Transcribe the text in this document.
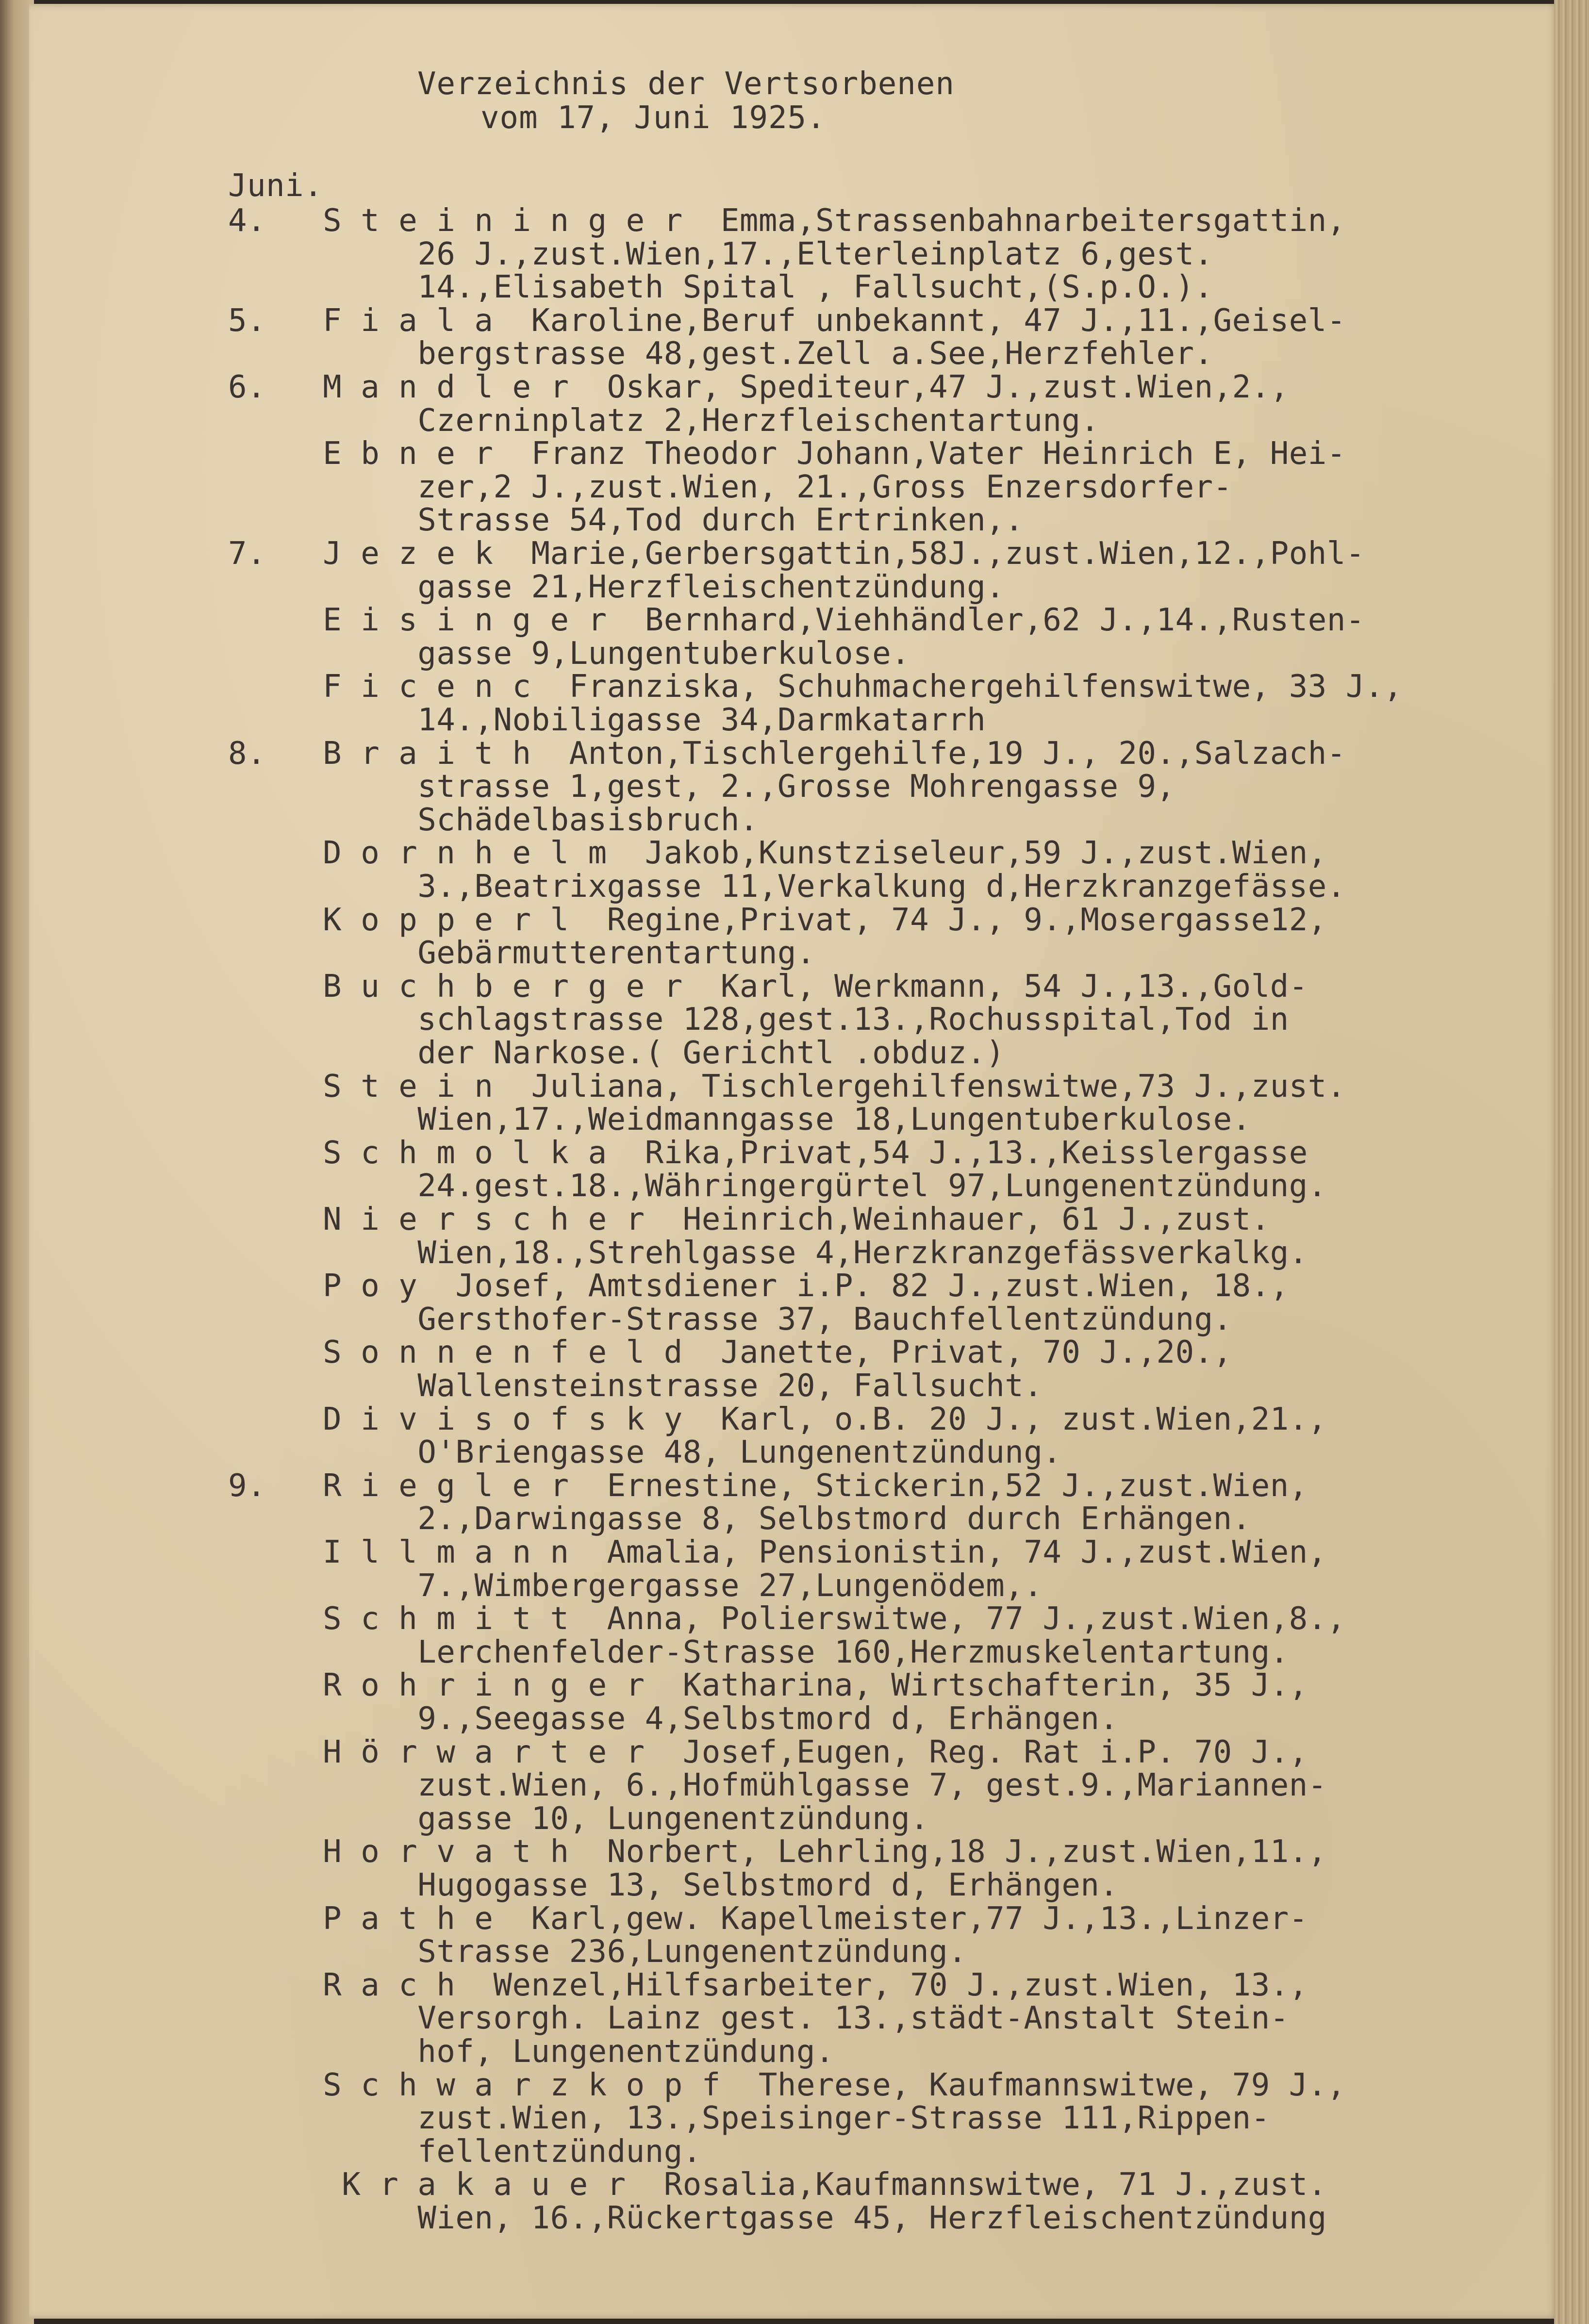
Verzeichnis der Vertsorbenen

vom 17, Juni 1925.

Juni.

4.   S t e i n i n g e r  Emma,Strassenbahnarbeitersgattin,
26 J.,zust.Wien,17.,Elterleinplatz 6,gest.
14.,Elisabeth Spital , Fallsucht,(S.p.O.).
5.   F i a l a  Karoline,Beruf unbekannt, 47 J.,11.,Geisel-
bergstrasse 48,gest.Zell a.See,Herzfehler.
6.   M a n d l e r  Oskar, Spediteur,47 J.,zust.Wien,2.,
Czerninplatz 2,Herzfleischentartung.
E b n e r  Franz Theodor Johann,Vater Heinrich E, Hei-
zer,2 J.,zust.Wien, 21.,Gross Enzersdorfer-
Strasse 54,Tod durch Ertrinken,.
7.   J e z e k  Marie,Gerbersgattin,58J.,zust.Wien,12.,Pohl-
gasse 21,Herzfleischentzündung.
E i s i n g e r  Bernhard,Viehhändler,62 J.,14.,Rusten-
gasse 9,Lungentuberkulose.
F i c e n c  Franziska, Schuhmachergehilfenswitwe, 33 J.,
14.,Nobiligasse 34,Darmkatarrh
8.   B r a i t h  Anton,Tischlergehilfe,19 J., 20.,Salzach-
strasse 1,gest, 2.,Grosse Mohrengasse 9,
Schädelbasisbruch.
D o r n h e l m  Jakob,Kunstziseleur,59 J.,zust.Wien,
3.,Beatrixgasse 11,Verkalkung d,Herzkranzgefässe.
K o p p e r l  Regine,Privat, 74 J., 9.,Mosergasse12,
Gebärmutterentartung.
B u c h b e r g e r  Karl, Werkmann, 54 J.,13.,Gold-
schlagstrasse 128,gest.13.,Rochusspital,Tod in
der Narkose.( Gerichtl .obduz.)
S t e i n  Juliana, Tischlergehilfenswitwe,73 J.,zust.
Wien,17.,Weidmanngasse 18,Lungentuberkulose.
S c h m o l k a  Rika,Privat,54 J.,13.,Keisslergasse
24.gest.18.,Währingergürtel 97,Lungenentzündung.
N i e r s c h e r  Heinrich,Weinhauer, 61 J.,zust.
Wien,18.,Strehlgasse 4,Herzkranzgefässverkalkg.
P o y  Josef, Amtsdiener i.P. 82 J.,zust.Wien, 18.,
Gersthofer-Strasse 37, Bauchfellentzündung.
S o n n e n f e l d  Janette, Privat, 70 J.,20.,
Wallensteinstrasse 20, Fallsucht.
D i v i s o f s k y  Karl, o.B. 20 J., zust.Wien,21.,
O'Briengasse 48, Lungenentzündung.
9.   R i e g l e r  Ernestine, Stickerin,52 J.,zust.Wien,
2.,Darwingasse 8, Selbstmord durch Erhängen.
I l l m a n n  Amalia, Pensionistin, 74 J.,zust.Wien,
7.,Wimbergergasse 27,Lungenödem,.
S c h m i t t  Anna, Polierswitwe, 77 J.,zust.Wien,8.,
Lerchenfelder-Strasse 160,Herzmuskelentartung.
R o h r i n g e r  Katharina, Wirtschafterin, 35 J.,
9.,Seegasse 4,Selbstmord d, Erhängen.
H ö r w a r t e r  Josef,Eugen, Reg. Rat i.P. 70 J.,
zust.Wien, 6.,Hofmühlgasse 7, gest.9.,Mariannen-
gasse 10, Lungenentzündung.
H o r v a t h  Norbert, Lehrling,18 J.,zust.Wien,11.,
Hugogasse 13, Selbstmord d, Erhängen.
P a t h e  Karl,gew. Kapellmeister,77 J.,13.,Linzer-
Strasse 236,Lungenentzündung.
R a c h  Wenzel,Hilfsarbeiter, 70 J.,zust.Wien, 13.,
Versorgh. Lainz gest. 13.,städt-Anstalt Stein-
hof, Lungenentzündung.
S c h w a r z k o p f  Therese, Kaufmannswitwe, 79 J.,
zust.Wien, 13.,Speisinger-Strasse 111,Rippen-
fellentzündung.
K r a k a u e r  Rosalia,Kaufmannswitwe, 71 J.,zust.
Wien, 16.,Rückertgasse 45, Herzfleischentzündung
